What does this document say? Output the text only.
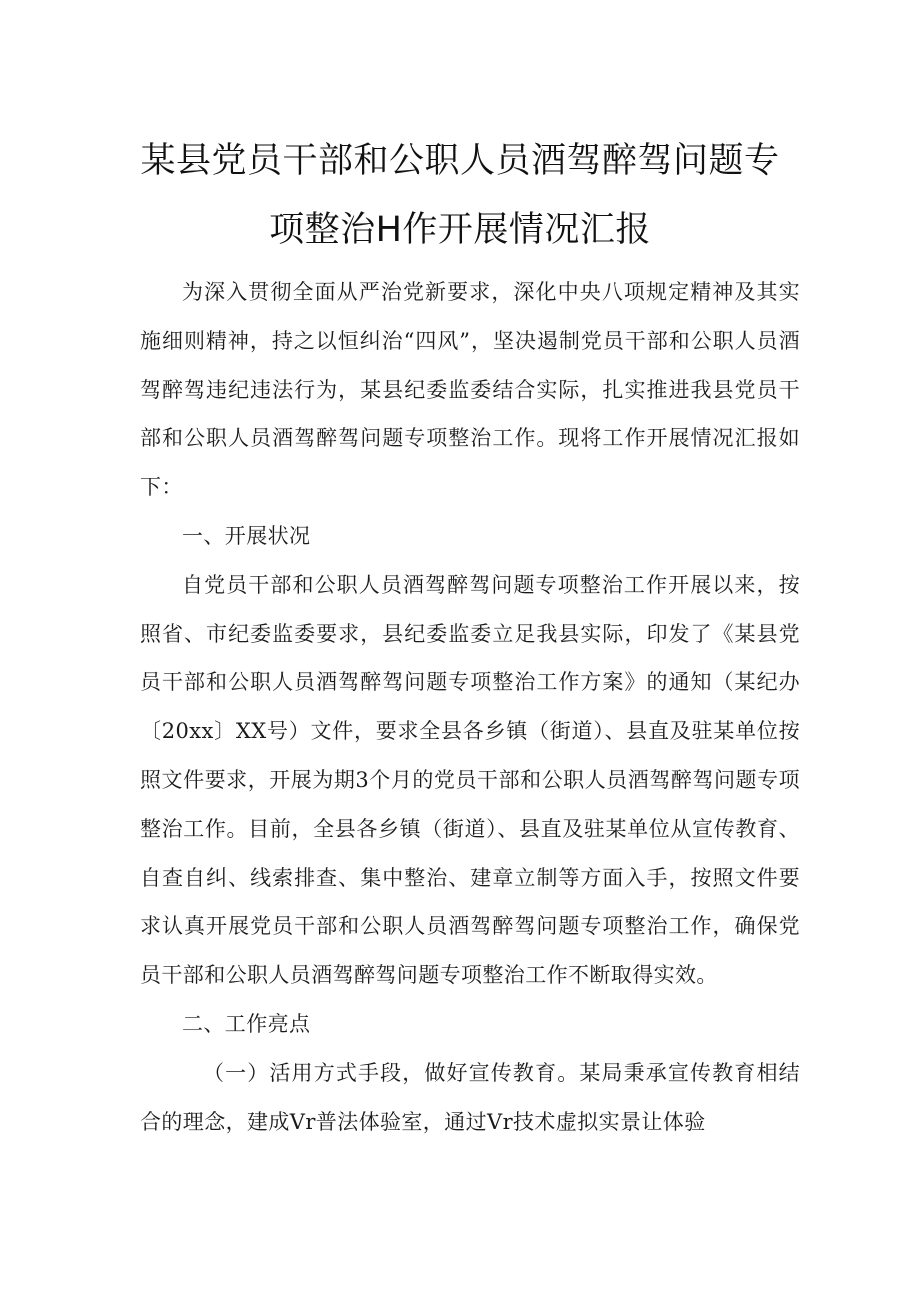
某县党员干部和公职人员酒驾醉驾问题专
项整治H作开展情况汇报

为深入贯彻全面从严治党新要求，深化中央八项规定精神及其实施细则精神，持之以恒纠治“四风”，坚决遏制党员干部和公职人员酒驾醉驾违纪违法行为，某县纪委监委结合实际，扎实推进我县党员干部和公职人员酒驾醉驾问题专项整治工作。现将工作开展情况汇报如下：

一、开展状况

自党员干部和公职人员酒驾醉驾问题专项整治工作开展以来，按照省、市纪委监委要求，县纪委监委立足我县实际，印发了《某县党员干部和公职人员酒驾醉驾问题专项整治工作方案》的通知（某纪办〔20xx〕XX号）文件，要求全县各乡镇（街道）、县直及驻某单位按照文件要求，开展为期3个月的党员干部和公职人员酒驾醉驾问题专项整治工作。目前，全县各乡镇（街道）、县直及驻某单位从宣传教育、自查自纠、线索排查、集中整治、建章立制等方面入手，按照文件要求认真开展党员干部和公职人员酒驾醉驾问题专项整治工作，确保党员干部和公职人员酒驾醉驾问题专项整治工作不断取得实效。

二、工作亮点

（一）活用方式手段，做好宣传教育。某局秉承宣传教育相结合的理念，建成Vr普法体验室，通过Vr技术虚拟实景让体验
